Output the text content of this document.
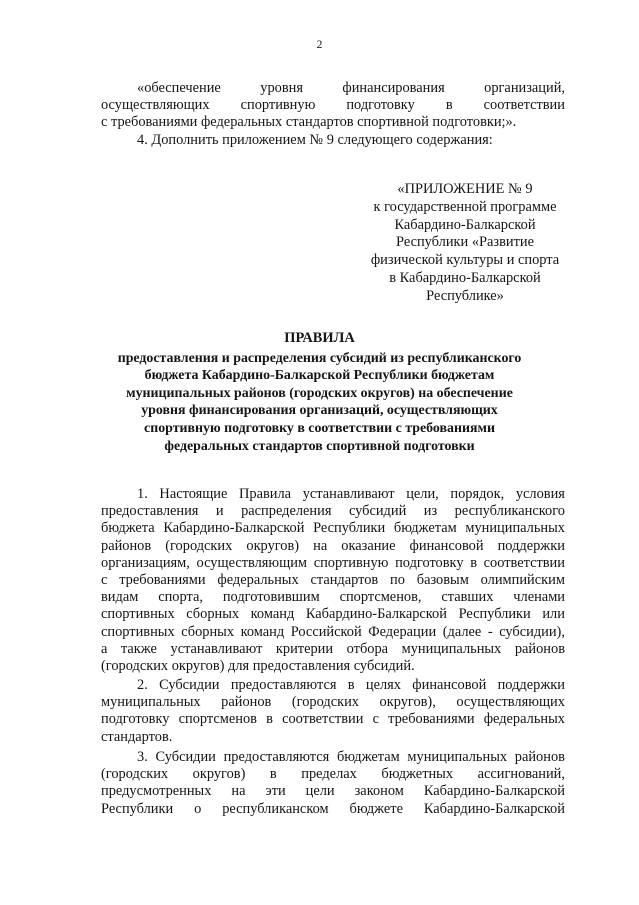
2
«обеспечение	уровня	финансирования	организаций,
осуществляющих спортивную подготовку в соответствии
с требованиями федеральных стандартов спортивной подготовки;».
4. Дополнить приложением № 9 следующего содержания:
«ПРИЛОЖЕНИЕ № 9
к государственной программе
Кабардино-Балкарской
Республики «Развитие
физической культуры и спорта
в Кабардино-Балкарской
Республике»
ПРАВИЛА
предоставления и распределения субсидий из республиканского
бюджета Кабардино-Балкарской Республики бюджетам
муниципальных районов (городских округов) на обеспечение
уровня финансирования организаций, осуществляющих
спортивную подготовку в соответствии с требованиями
федеральных стандартов спортивной подготовки
1. Настоящие Правила устанавливают цели, порядок, условия
предоставления и распределения субсидий из республиканского
бюджета Кабардино-Балкарской Республики бюджетам муниципальных
районов (городских округов) на оказание финансовой поддержки
организациям, осуществляющим спортивную подготовку в соответствии
с требованиями федеральных стандартов по базовым олимпийским
видам спорта, подготовившим спортсменов, ставших членами
спортивных сборных команд Кабардино-Балкарской Республики или
спортивных сборных команд Российской Федерации (далее - субсидии),
а также устанавливают критерии отбора муниципальных районов
(городских округов) для предоставления субсидий.
2. Субсидии предоставляются в целях финансовой поддержки
муниципальных районов (городских округов), осуществляющих
подготовку спортсменов в соответствии с требованиями федеральных
стандартов.
3. Субсидии предоставляются бюджетам муниципальных районов
(городских округов) в пределах бюджетных ассигнований,
предусмотренных на эти цели законом Кабардино-Балкарской
Республики о республиканском бюджете Кабардино-Балкарской
